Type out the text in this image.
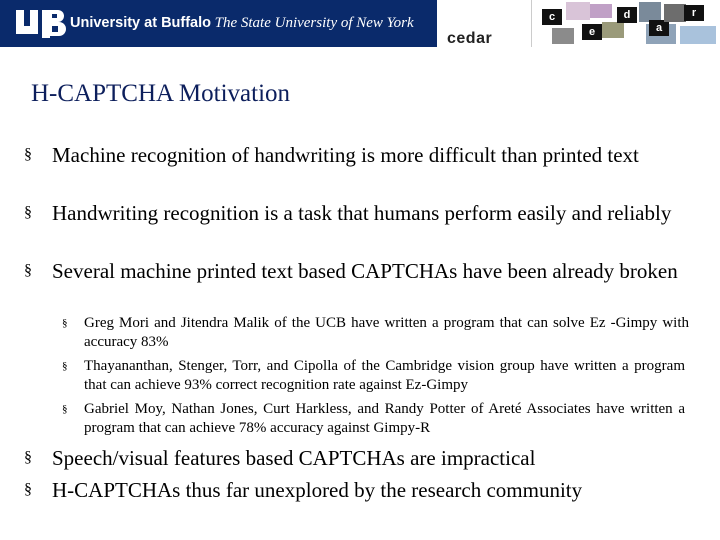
University at Buffalo The State University of New York
cedar
c
e
d
a
r
H-CAPTCHA Motivation
§ Machine recognition of handwriting is more difficult than printed text
§ Handwriting recognition is a task that humans perform easily and reliably
§ Several machine printed text based CAPTCHAs have been already broken
§ Greg Mori and Jitendra Malik of the UCB have written a program that can solve Ez -Gimpy with accuracy 83%
§ Thayananthan, Stenger, Torr, and Cipolla of the Cambridge vision group have written a program that can achieve 93% correct recognition rate against Ez-Gimpy
§ Gabriel Moy, Nathan Jones, Curt Harkless, and Randy Potter of Areté Associates have written a program that can achieve 78% accuracy against Gimpy-R
§ Speech/visual features based CAPTCHAs are impractical
§ H-CAPTCHAs thus far unexplored by the research community
